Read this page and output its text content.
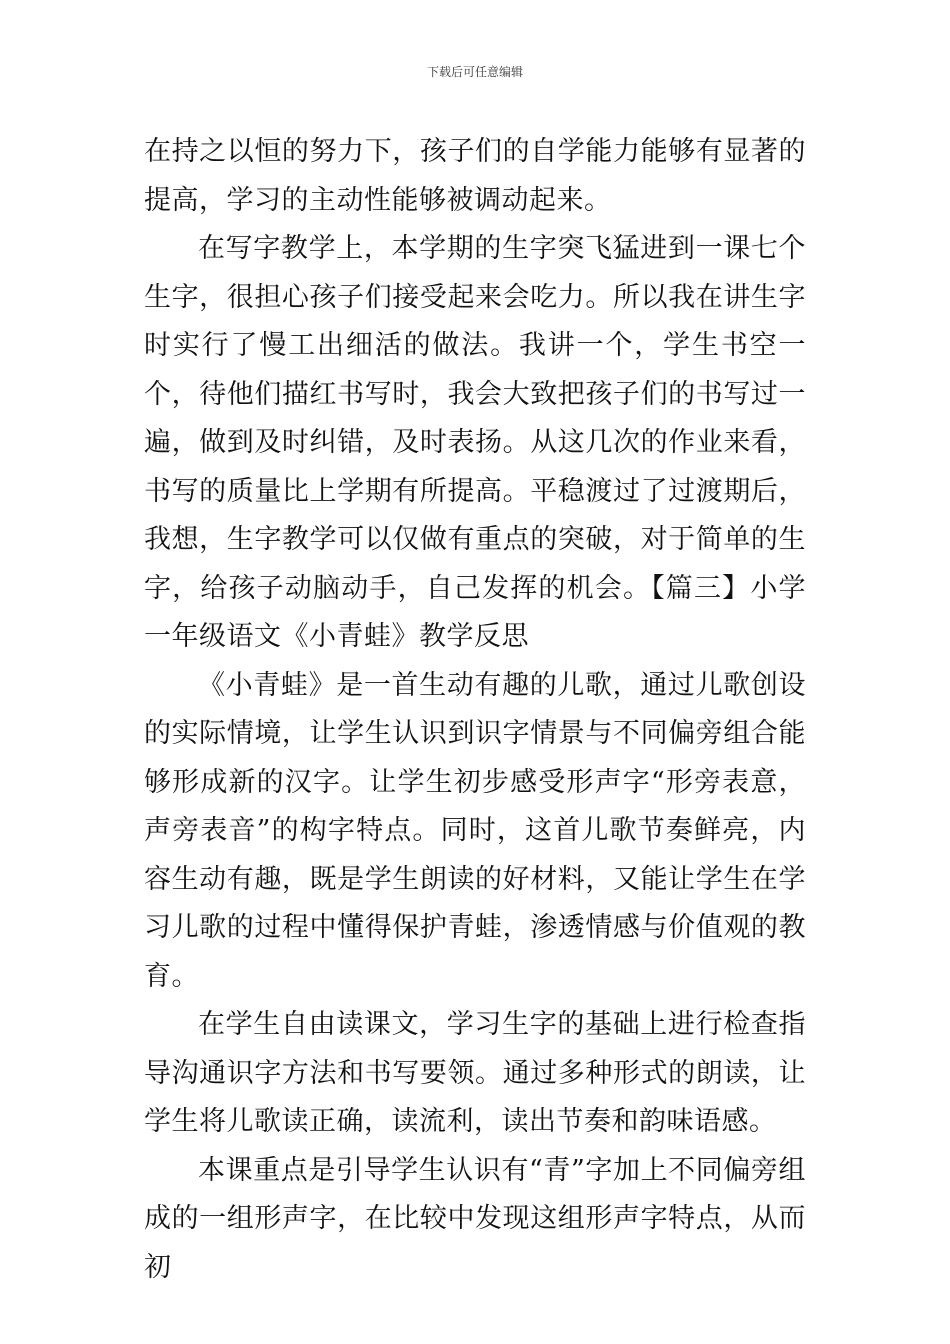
下载后可任意编辑

在持之以恒的努力下，孩子们的自学能力能够有显著的提高，学习的主动性能够被调动起来。

在写字教学上，本学期的生字突飞猛进到一课七个生字，很担心孩子们接受起来会吃力。所以我在讲生字时实行了慢工出细活的做法。我讲一个，学生书空一个，待他们描红书写时，我会大致把孩子们的书写过一遍，做到及时纠错，及时表扬。从这几次的作业来看，书写的质量比上学期有所提高。平稳渡过了过渡期后，我想，生字教学可以仅做有重点的突破，对于简单的生字，给孩子动脑动手，自己发挥的机会。【篇三】小学一年级语文《小青蛙》教学反思

《小青蛙》是一首生动有趣的儿歌，通过儿歌创设的实际情境，让学生认识到识字情景与不同偏旁组合能够形成新的汉字。让学生初步感受形声字“形旁表意，声旁表音”的构字特点。同时，这首儿歌节奏鲜亮，内容生动有趣，既是学生朗读的好材料，又能让学生在学习儿歌的过程中懂得保护青蛙，渗透情感与价值观的教育。

在学生自由读课文，学习生字的基础上进行检查指导沟通识字方法和书写要领。通过多种形式的朗读，让学生将儿歌读正确，读流利，读出节奏和韵味语感。

本课重点是引导学生认识有“青”字加上不同偏旁组成的一组形声字，在比较中发现这组形声字特点，从而初
